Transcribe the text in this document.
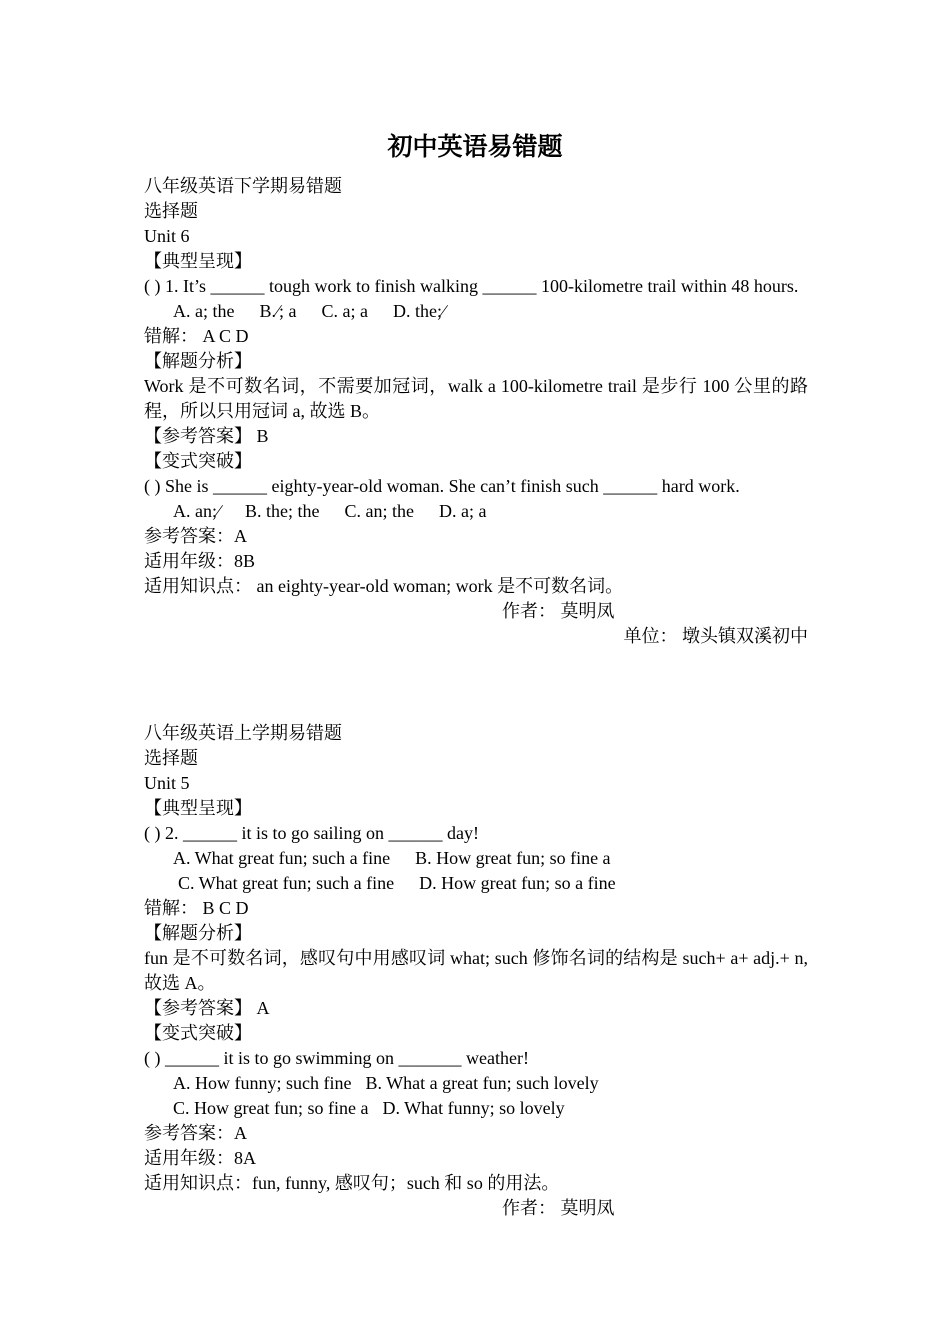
初中英语易错题
八年级英语下学期易错题
选择题
Unit 6
【典型呈现】
( ) 1. It’s ______ tough work to finish walking ______ 100-kilometre trail within 48 hours.
A. a; the B.∕; a C. a; a D. the;∕
错解： A C D
【解题分析】
Work 是不可数名词，不需要加冠词，walk a 100-kilometre trail 是步行 100 公里的路程，所以只用冠词 a, 故选 B。
【参考答案】 B
【变式突破】
( ) She is ______ eighty-year-old woman. She can’t finish such ______ hard work.
A. an;∕ B. the; the C. an; the D. a; a
参考答案：A
适用年级：8B
适用知识点： an eighty-year-old woman; work 是不可数名词。
作者： 莫明凤
单位： 墩头镇双溪初中
八年级英语上学期易错题
选择题
Unit 5
【典型呈现】
( ) 2. ______ it is to go sailing on ______ day!
A. What great fun; such a fine B. How great fun; so fine a
C. What great fun; such a fine D. How great fun; so a fine
错解： B C D
【解题分析】
fun 是不可数名词，感叹句中用感叹词 what; such 修饰名词的结构是 such+ a+ adj.+ n, 故选 A。
【参考答案】 A
【变式突破】
( ) ______ it is to go swimming on _______ weather!
A. How funny; such fine B. What a great fun; such lovely
C. How great fun; so fine a D. What funny; so lovely
参考答案：A
适用年级：8A
适用知识点：fun, funny, 感叹句；such 和 so 的用法。
作者： 莫明凤
